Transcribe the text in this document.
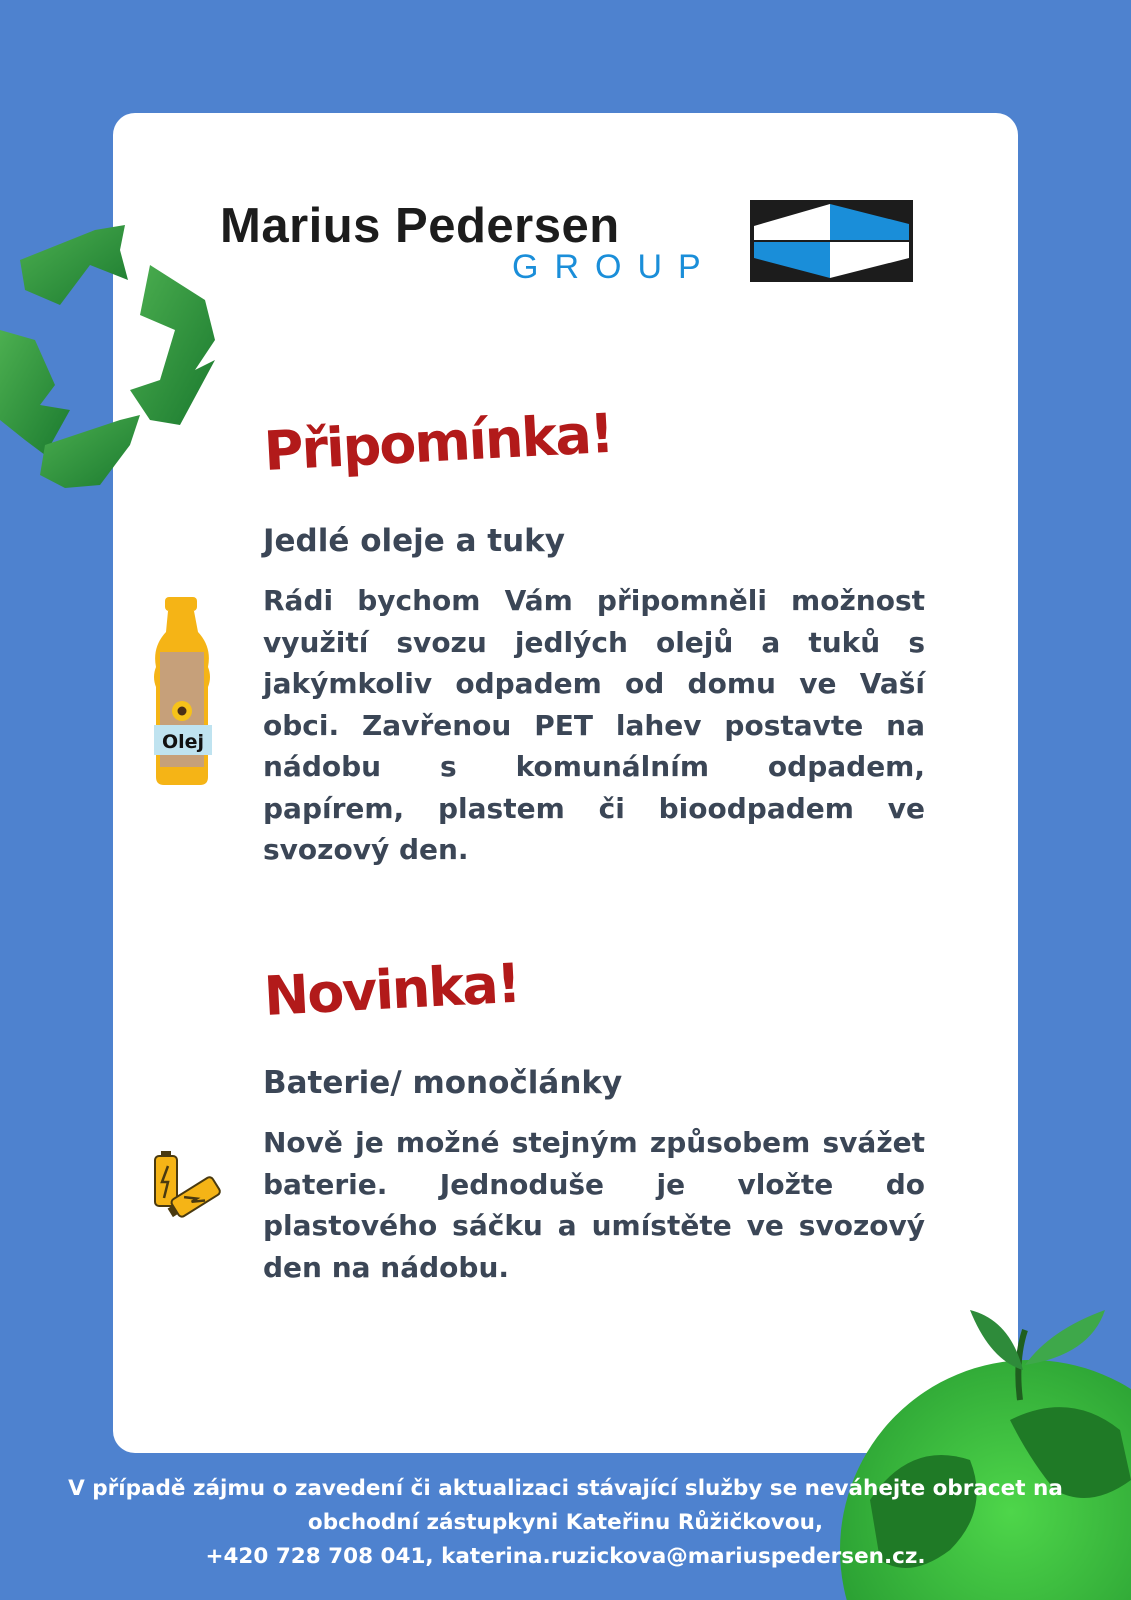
Marius Pedersen
GROUP
Připomínka!
Jedlé oleje a tuky

Rádi bychom Vám připomněli možnost využití svozu jedlých olejů a tuků s jakýmkoliv odpadem od domu ve Vaší obci. Zavřenou PET lahev postavte na nádobu s komunálním odpadem, papírem, plastem či bioodpadem ve svozový den.

Olej
Novinka!
Baterie/ monočlánky

Nově je možné stejným způsobem svážet baterie. Jednoduše je vložte do plastového sáčku a umístěte ve svozový den na nádobu.

V případě zájmu o zavedení či aktualizaci stávající služby se neváhejte obracet na
obchodní zástupkyni Kateřinu Růžičkovou,
+420 728 708 041, katerina.ruzickova@mariuspedersen.cz.
